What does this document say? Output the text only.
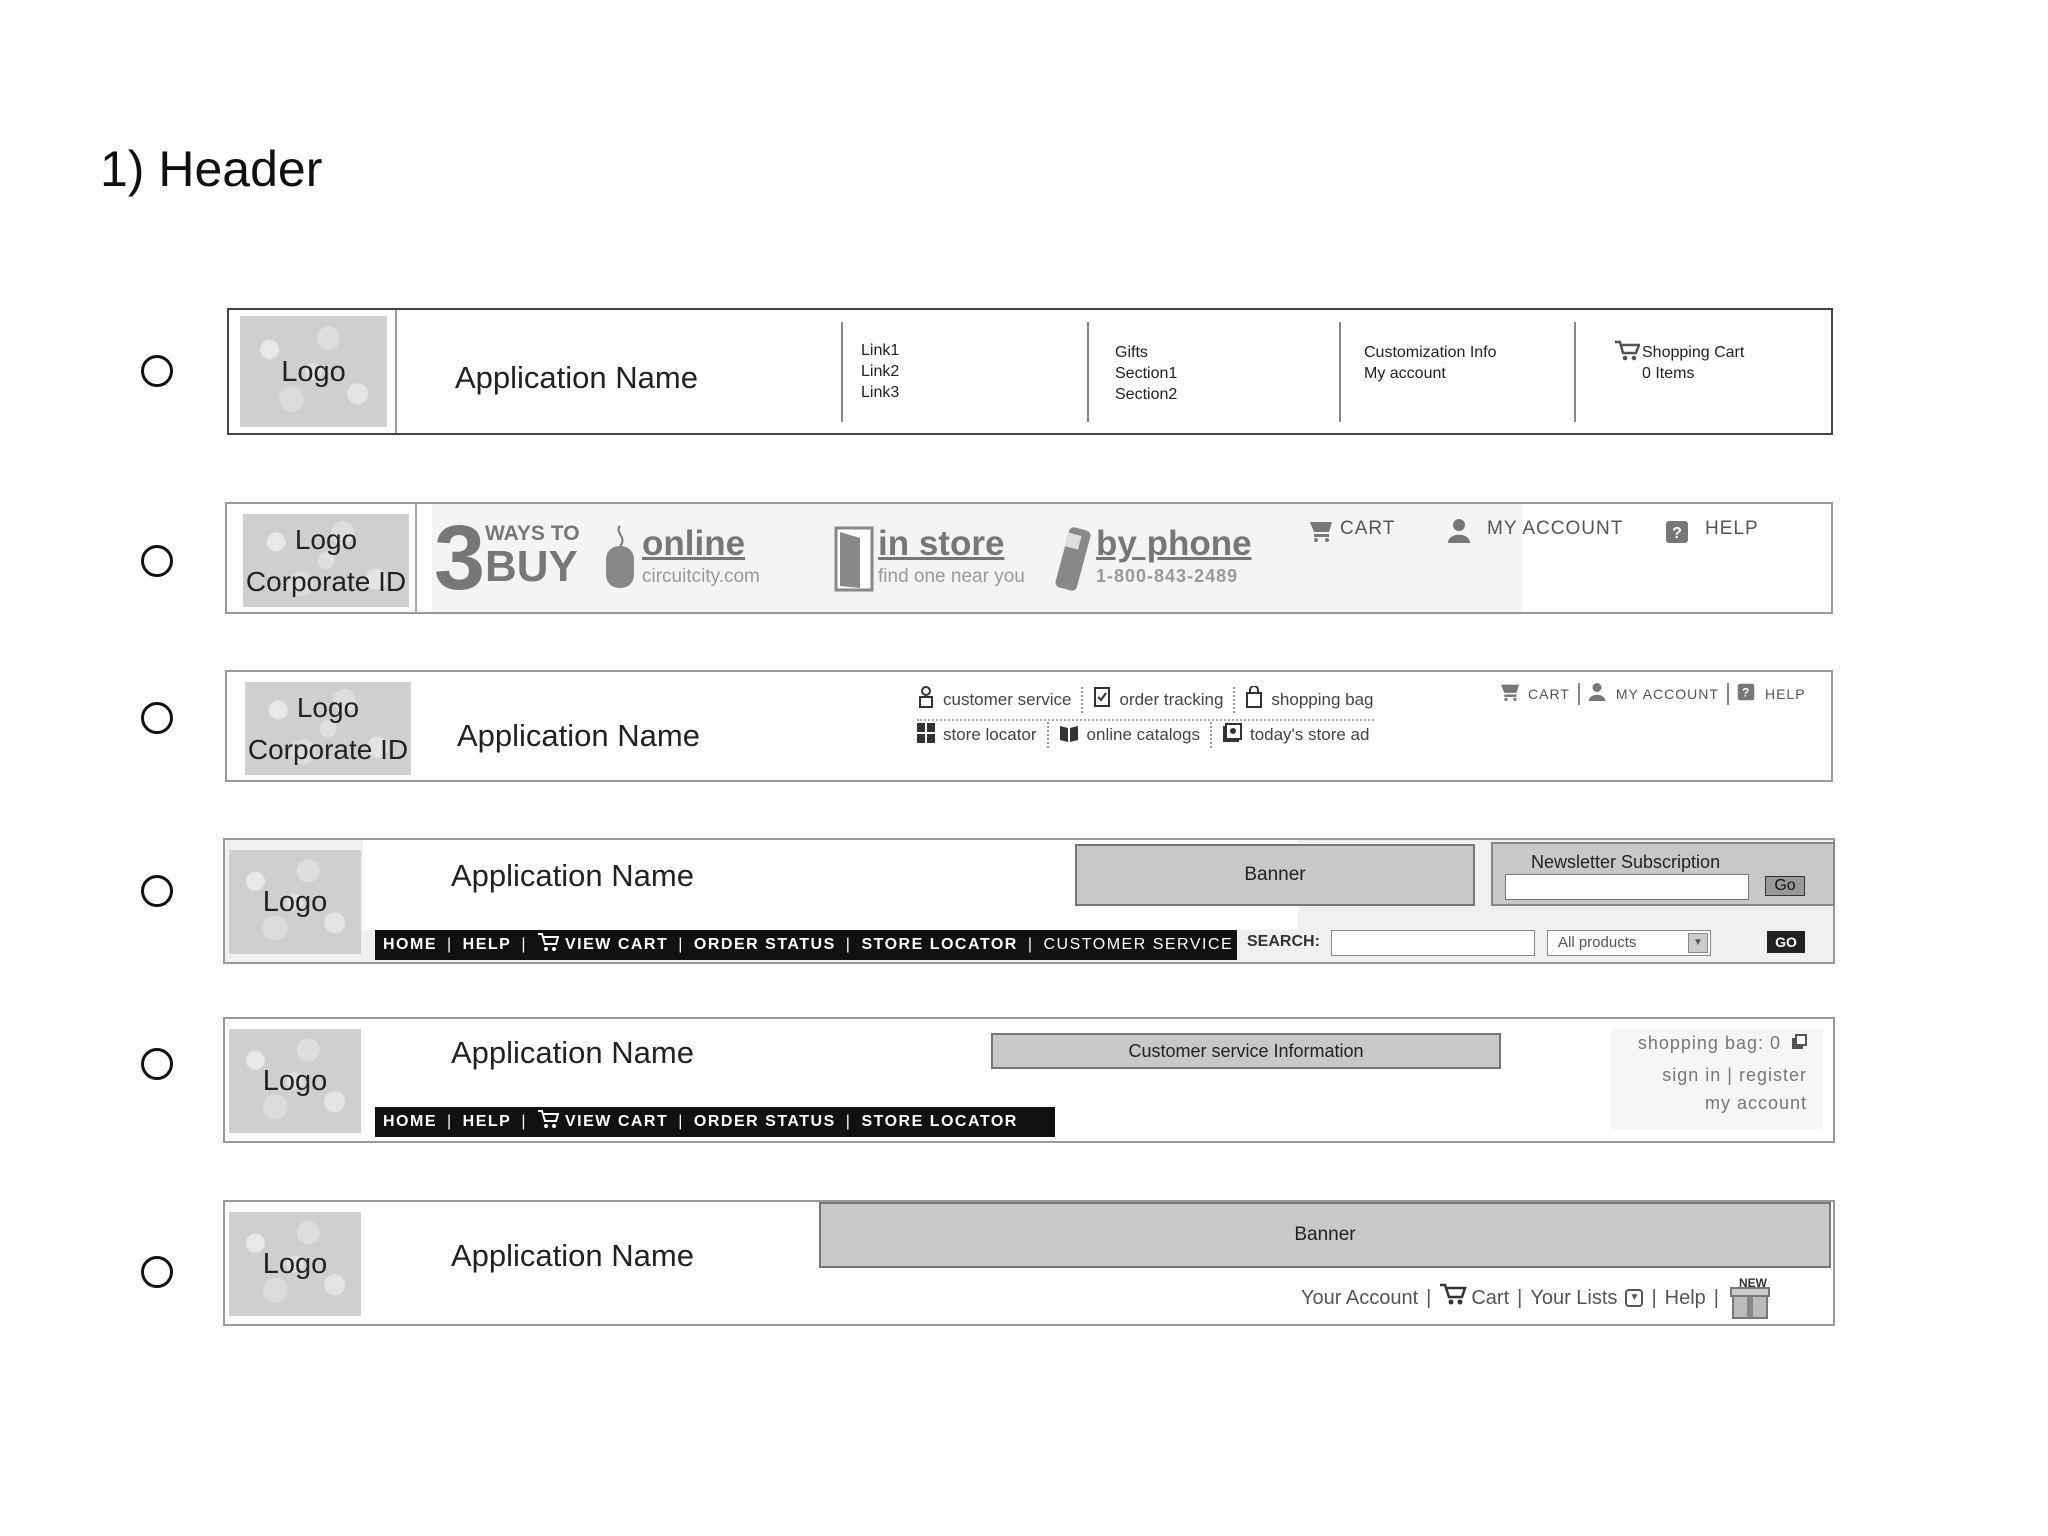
1) Header
Logo	Application Name
Link1
Link2
Link3
Gifts
Section1
Section2
Customization Info
My account
Shopping Cart
0 Items
Logo
Corporate ID 3 WAYS TO
BUY online
circuitcity.com
in store
find one near you
by phone
1-800-843-2489
CART	MY ACCOUNT	? HELP
Logo
Corporate ID Application Name
customer service	order tracking	shopping bag
store locator	online catalogs	today's store ad
CART	MY ACCOUNT ? HELP
Logo
Application Name	Banner
Newsletter Subscription
Go
HOME | HELP | VIEW CART | ORDER STATUS | STORE LOCATOR | CUSTOMER SERVICE SEARCH:	All products	▼	GO
Logo
Application Name	Customer service Information
HOME | HELP | VIEW CART | ORDER STATUS | STORE LOCATOR
shopping bag: 0
sign in | register
my account
Logo	Application Name
Banner
Your Account | Cart | Your Lists	▼ | Help |
NEW
